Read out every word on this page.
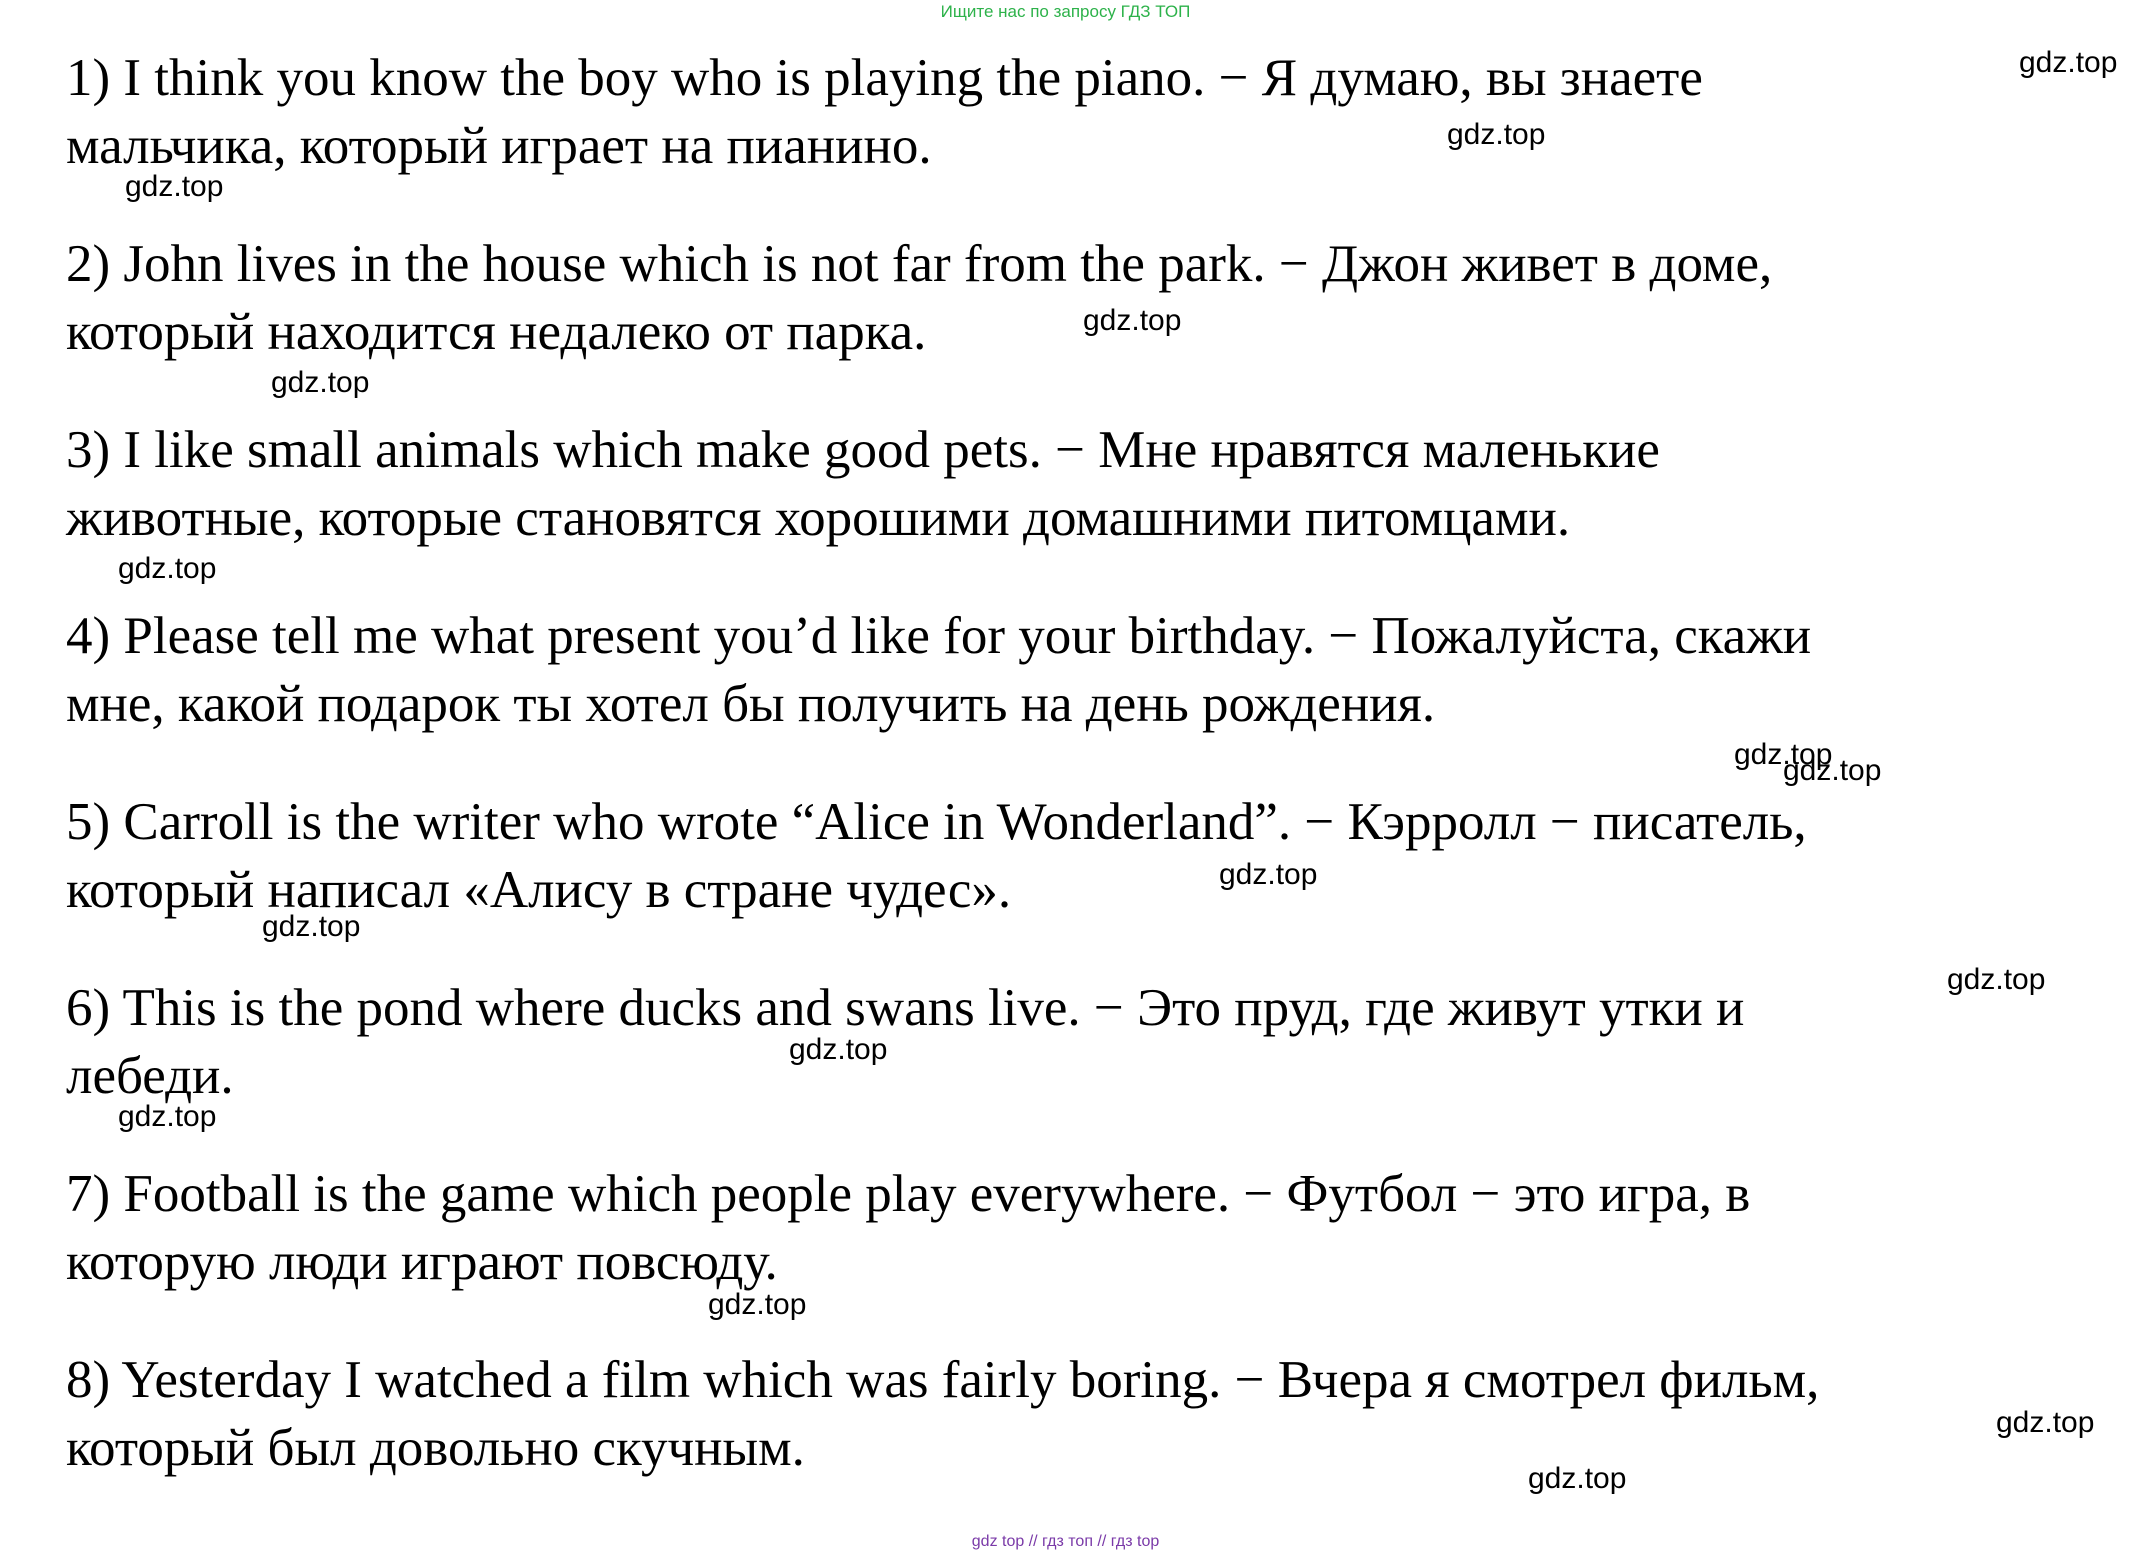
Ищите нас по запросу ГДЗ ТОП
1) I think you know the boy who is playing the piano. − Я думаю, вы знаете
мальчика, который играет на пианино.
2) John lives in the house which is not far from the park. − Джон живет в доме,
который находится недалеко от парка.
3) I like small animals which make good pets. − Мне нравятся маленькие
животные, которые становятся хорошими домашними питомцами.
4) Please tell me what present you’d like for your birthday. − Пожалуйста, скажи
мне, какой подарок ты хотел бы получить на день рождения.
5) Carroll is the writer who wrote “Alice in Wonderland”. − Кэрролл − писатель,
который написал «Алису в стране чудес».
6) This is the pond where ducks and swans live. − Это пруд, где живут утки и
лебеди.
7) Football is the game which people play everywhere. − Футбол − это игра, в
которую люди играют повсюду.
8) Yesterday I watched a film which was fairly boring. − Вчера я смотрел фильм,
который был довольно скучным.
gdz.top
gdz.top
gdz.top
gdz.top
gdz.top
gdz.top
gdz.top
gdz.top
gdz.top
gdz.top
gdz.top
gdz.top
gdz.top
gdz.top
gdz.top
gdz.top
gdz top // гдз топ // гдз top
